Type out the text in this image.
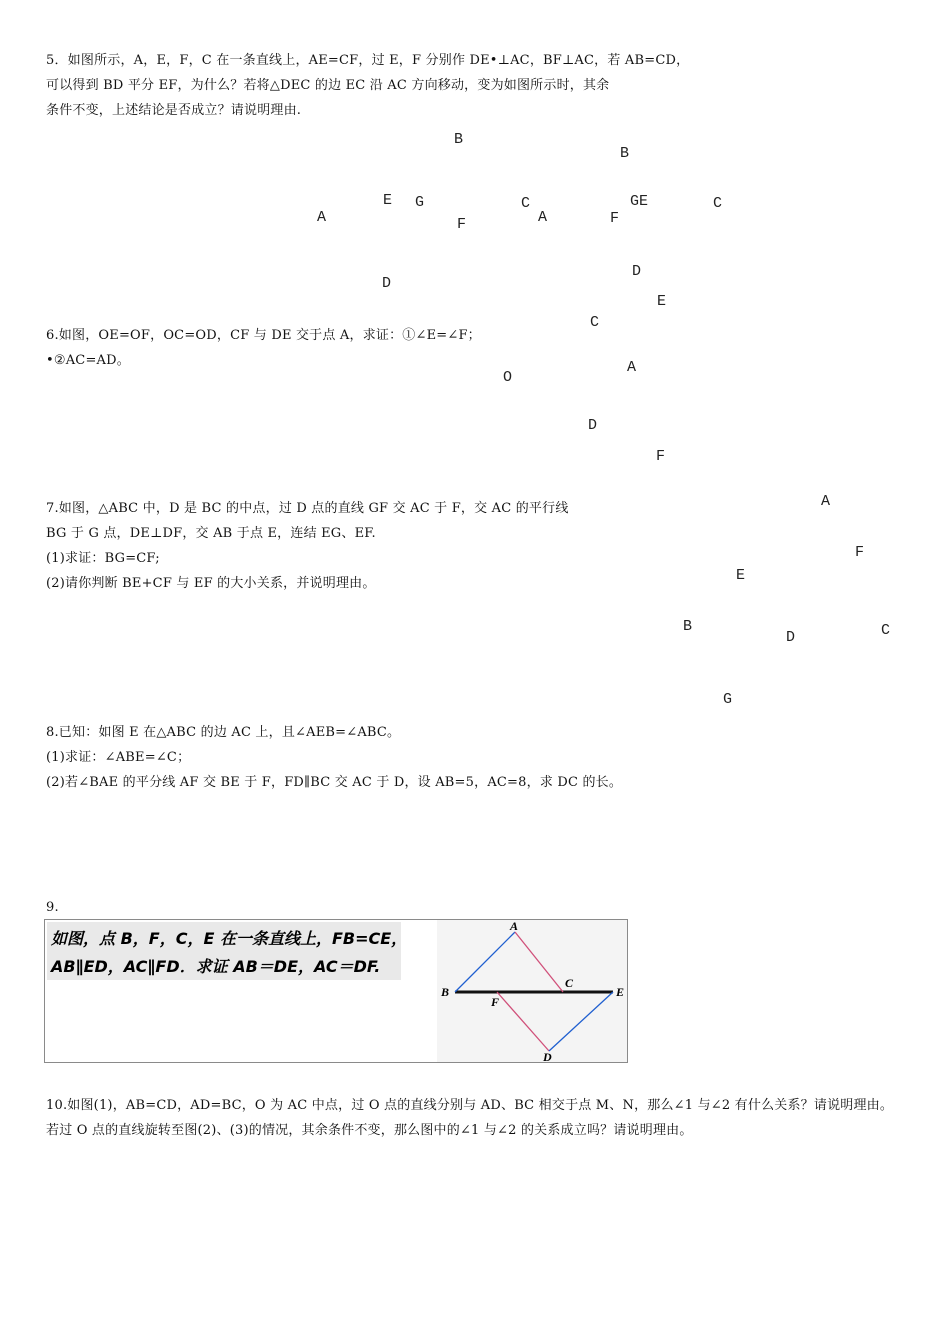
5．如图所示，A，E，F，C 在一条直线上，AE=CF，过 E，F 分别作 DE•⊥AC，BF⊥AC，若 AB=CD，
可以得到 BD 平分 EF，为什么？若将△DEC 的边 EC 沿 AC 方向移动，变为如图所示时，其余
条件不变，上述结论是否成立？请说明理由.
B
E G
A	F
C
D
B
A	F
GE	C
D
6.如图，OE=OF，OC=OD，CF 与 DE 交于点 A，求证：①∠E=∠F；
•②AC=AD。
E
C
A
O
D
F
7.如图，△ABC 中，D 是 BC 的中点，过 D 点的直线 GF 交 AC 于 F，交 AC 的平行线
BG 于 G 点，DE⊥DF，交 AB 于点 E，连结 EG、EF.
(1)求证：BG=CF;
(2)请你判断 BE+CF 与 EF 的大小关系，并说明理由。
A
F
E
B
D	C
G
8.已知：如图 E 在△ABC 的边 AC 上，且∠AEB=∠ABC。
(1)求证：∠ABE=∠C；
(2)若∠BAE 的平分线 AF 交 BE 于 F，FD∥BC 交 AC 于 D，设 AB=5，AC=8，求 DC 的长。
9.
如图，点 B，F，C，E 在一条直线上，FB=CE，
AB∥ED，AC∥FD．求证 AB＝DE，AC＝DF.
A
B
C
E
F
D
10.如图(1)，AB=CD，AD=BC，O 为 AC 中点，过 O 点的直线分别与 AD、BC 相交于点 M、N，那么∠1 与∠2 有什么关系？请说明理由。
若过 O 点的直线旋转至图(2)、(3)的情况，其余条件不变，那么图中的∠1 与∠2 的关系成立吗？请说明理由。
